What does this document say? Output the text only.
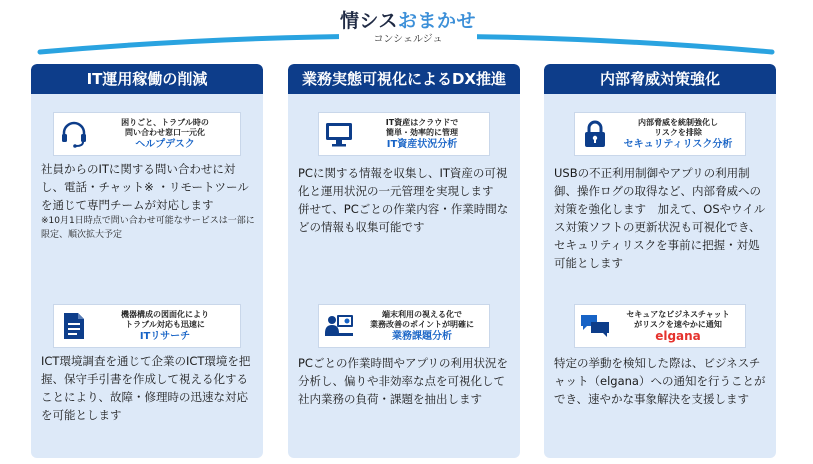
情シスおまかせ
コンシェルジュ
IT運用稼働の削減
困りごと、トラブル時の
問い合わせ窓口一元化
ヘルプデスク
社員からのITに関する問い合わせに対し、電話・チャット※ ・リモートツールを通じて専門チームが対応します
※10月1日時点で問い合わせ可能なサービスは一部に限定、順次拡大予定
機器構成の図面化により
トラブル対応も迅速に
ITリサーチ
ICT環境調査を通じて企業のICT環境を把握、保守手引書を作成して視える化することにより、故障・修理時の迅速な対応を可能とします
業務実態可視化によるDX推進
IT資産はクラウドで
簡単・効率的に管理
IT資産状況分析
PCに関する情報を収集し、IT資産の可視化と運用状況の一元管理を実現します　併せて、PCごとの作業内容・作業時間などの情報も収集可能です
端末利用の視える化で
業務改善のポイントが明確に
業務課題分析
PCごとの作業時間やアプリの利用状況を分析し、偏りや非効率な点を可視化して社内業務の負荷・課題を抽出します
内部脅威対策強化
内部脅威を統制強化し
リスクを排除
セキュリティリスク分析
USBの不正利用制御やアプリの利用制御、操作ログの取得など、内部脅威への対策を強化します　加えて、OSやウイルス対策ソフトの更新状況も可視化でき、セキュリティリスクを事前に把握・対処可能とします
セキュアなビジネスチャット
がリスクを速やかに通知
elgana
特定の挙動を検知した際は、ビジネスチャット（elgana）への通知を行うことができ、速やかな事象解決を支援します
